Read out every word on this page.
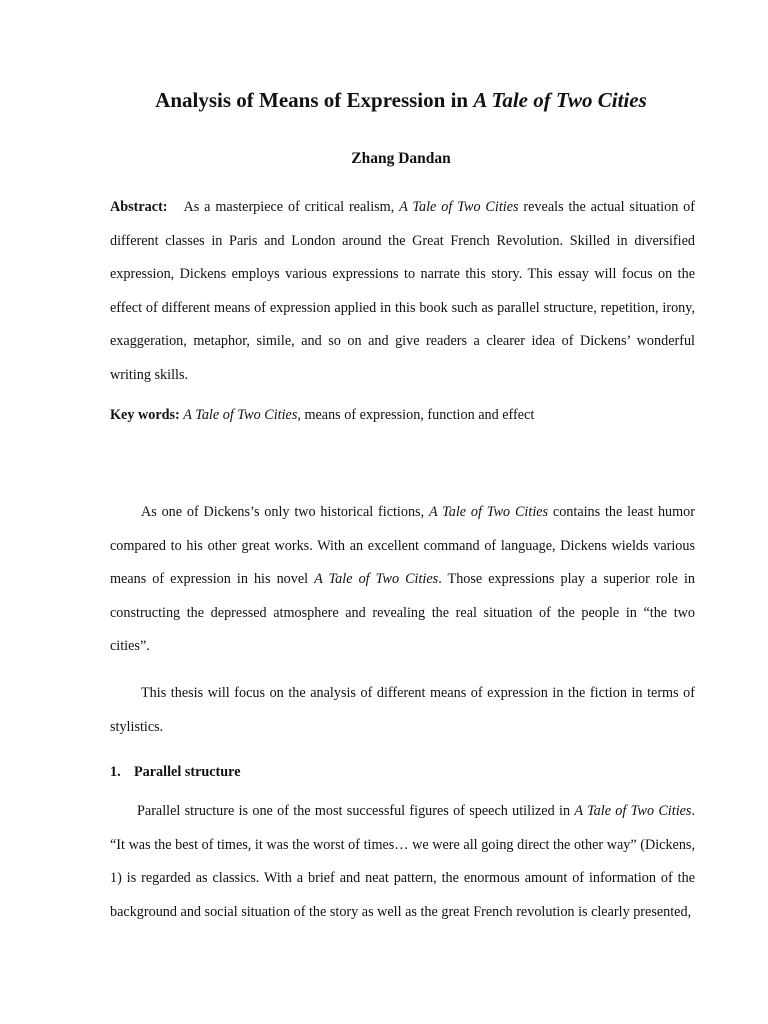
Analysis of Means of Expression in A Tale of Two Cities
Zhang Dandan
Abstract: As a masterpiece of critical realism, A Tale of Two Cities reveals the actual situation of different classes in Paris and London around the Great French Revolution. Skilled in diversified expression, Dickens employs various expressions to narrate this story. This essay will focus on the effect of different means of expression applied in this book such as parallel structure, repetition, irony, exaggeration, metaphor, simile, and so on and give readers a clearer idea of Dickens’ wonderful writing skills.
Key words: A Tale of Two Cities, means of expression, function and effect
As one of Dickens’s only two historical fictions, A Tale of Two Cities contains the least humor compared to his other great works. With an excellent command of language, Dickens wields various means of expression in his novel A Tale of Two Cities. Those expressions play a superior role in constructing the depressed atmosphere and revealing the real situation of the people in “the two cities”.
This thesis will focus on the analysis of different means of expression in the fiction in terms of stylistics.
1. Parallel structure
Parallel structure is one of the most successful figures of speech utilized in A Tale of Two Cities. “It was the best of times, it was the worst of times… we were all going direct the other way” (Dickens, 1) is regarded as classics. With a brief and neat pattern, the enormous amount of information of the background and social situation of the story as well as the great French revolution is clearly presented,
